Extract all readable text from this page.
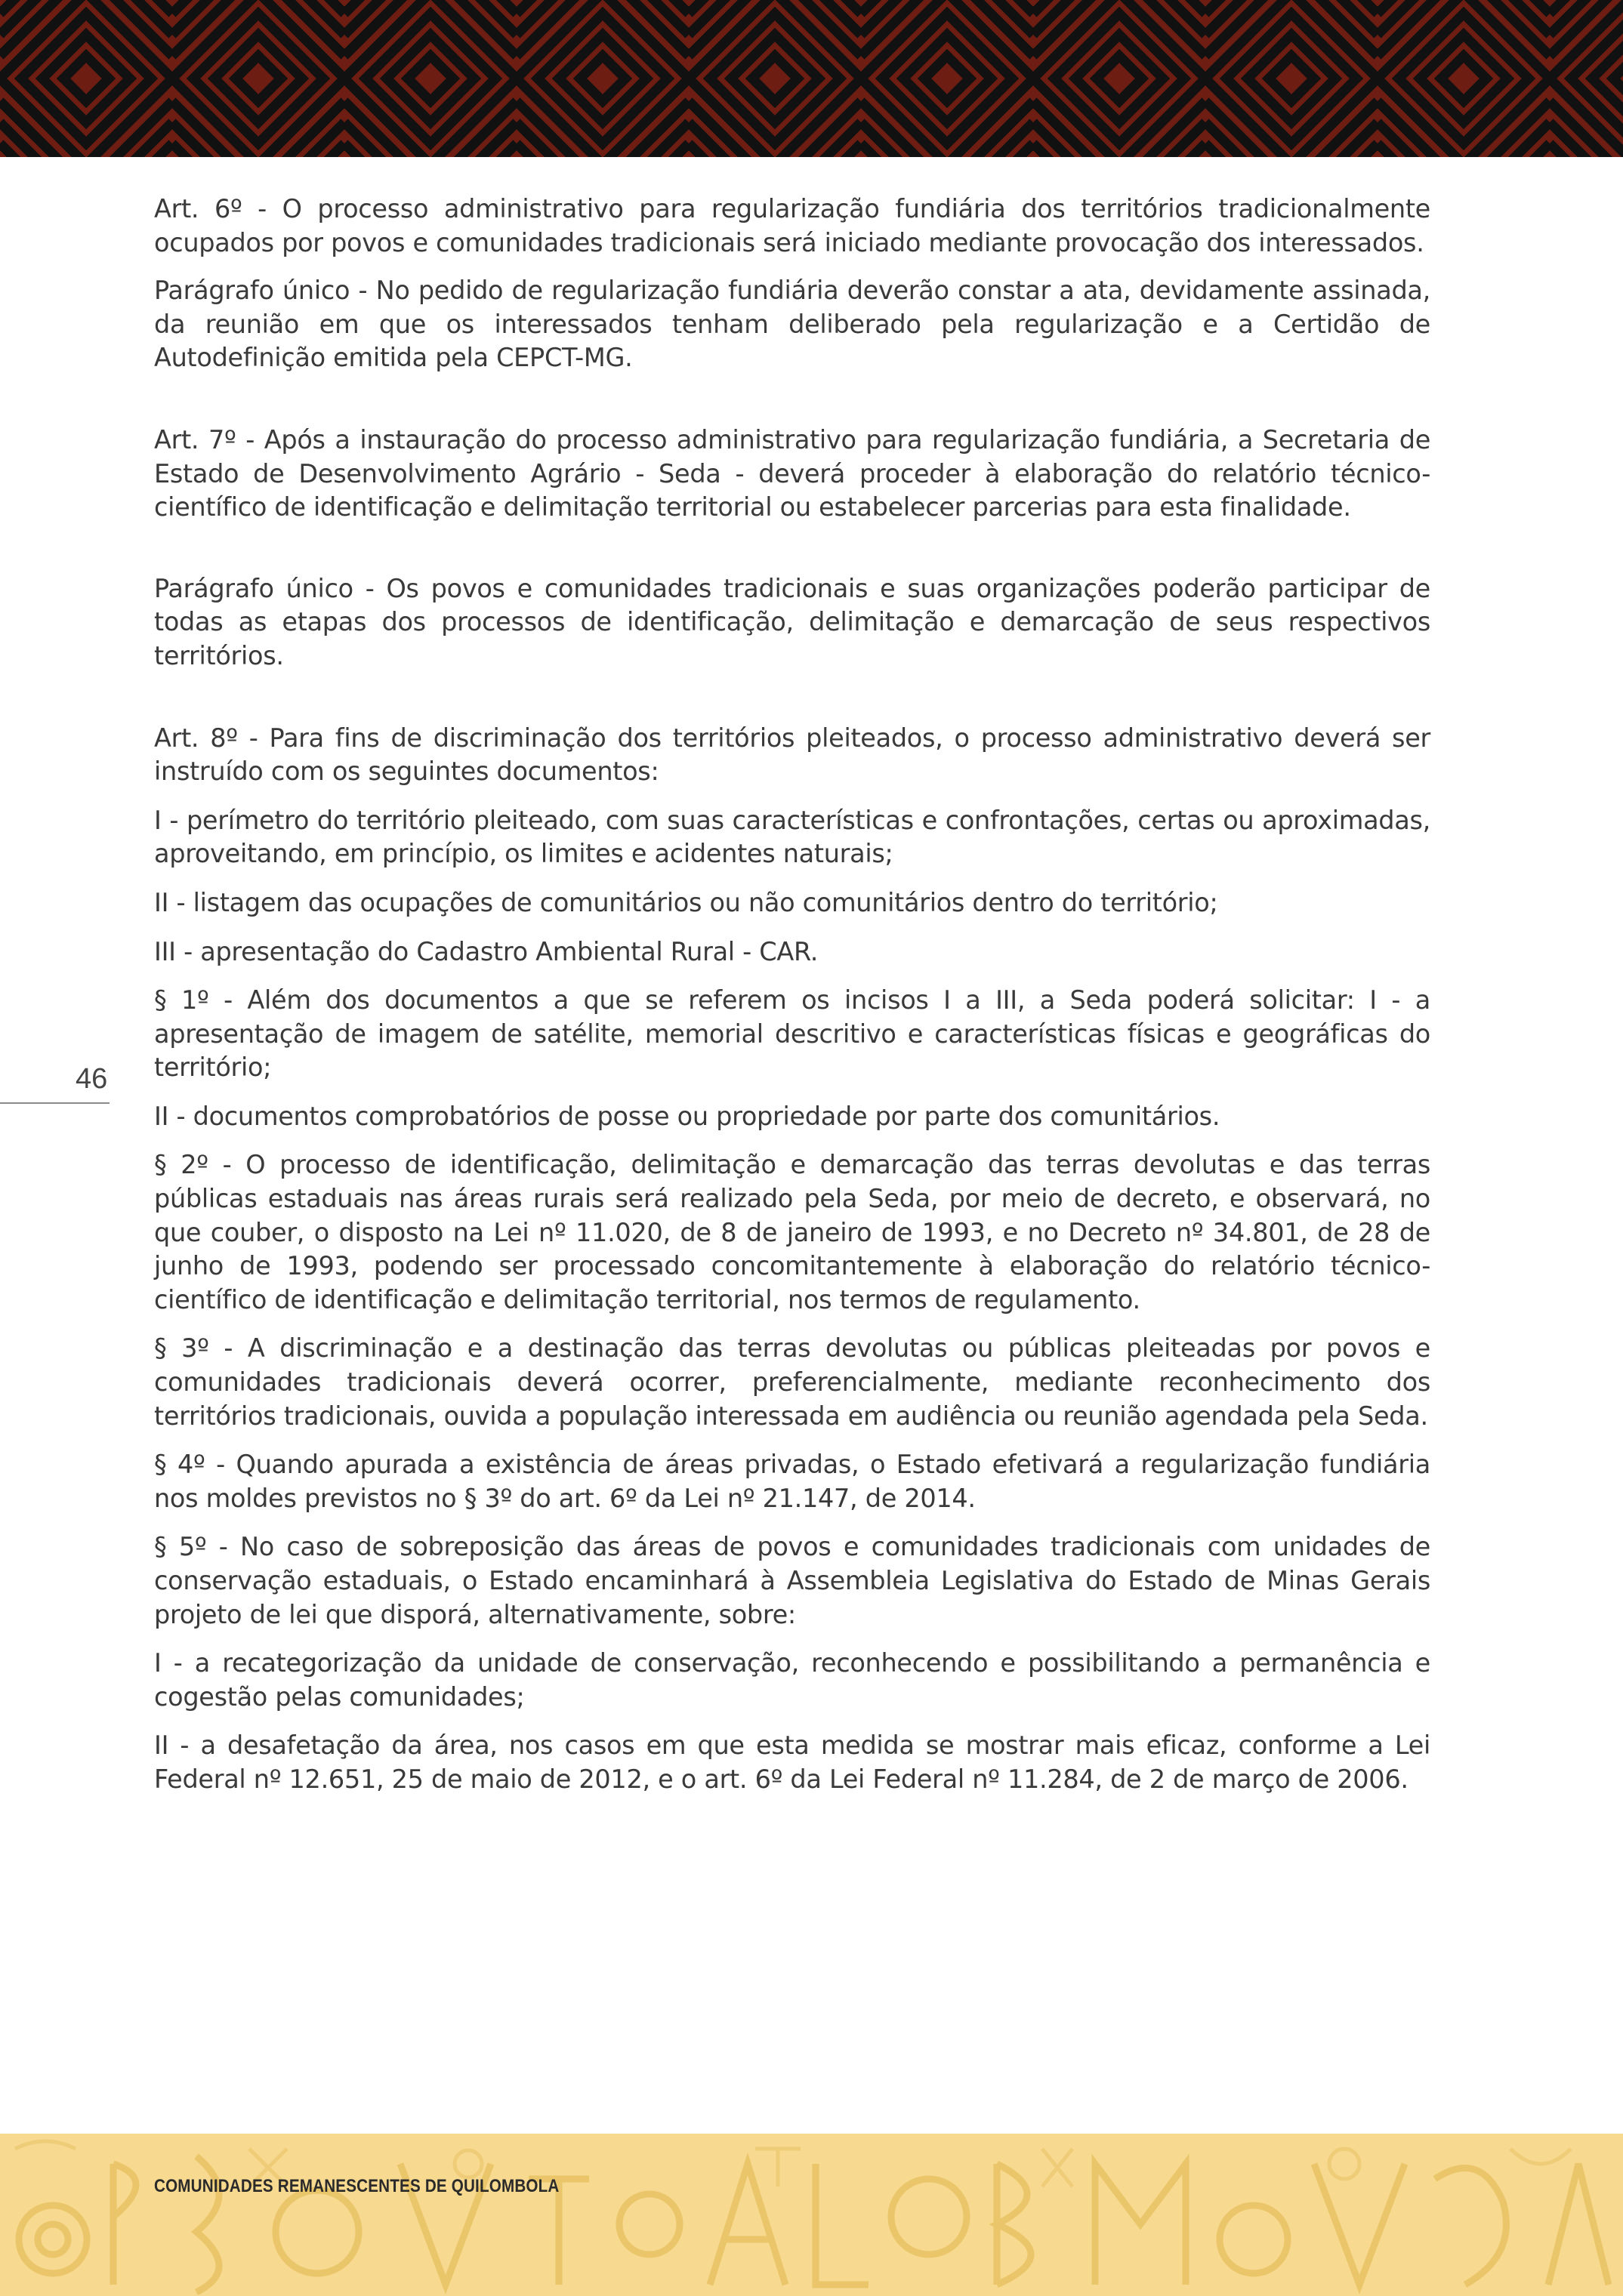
Art. 6º - O processo administrativo para regularização fundiária dos territórios tradicionalmente ocupados por povos e comunidades tradicionais será iniciado mediante provocação dos interessados.

Parágrafo único - No pedido de regularização fundiária deverão constar a ata, devidamente assinada, da reunião em que os interessados tenham deliberado pela regularização e a Certidão de Autodefinição emitida pela CEPCT-MG.

Art. 7º - Após a instauração do processo administrativo para regularização fundiária, a Secretaria de Estado de Desenvolvimento Agrário - Seda - deverá proceder à elaboração do relatório técnico-científico de identificação e delimitação territorial ou estabelecer parcerias para esta finalidade.

Parágrafo único - Os povos e comunidades tradicionais e suas organizações poderão participar de todas as etapas dos processos de identificação, delimitação e demarcação de seus respectivos territórios.

Art. 8º - Para fins de discriminação dos territórios pleiteados, o processo administrativo deverá ser instruído com os seguintes documentos:

I - perímetro do território pleiteado, com suas características e confrontações, certas ou aproximadas, aproveitando, em princípio, os limites e acidentes naturais;

II - listagem das ocupações de comunitários ou não comunitários dentro do território;

III - apresentação do Cadastro Ambiental Rural - CAR.

§ 1º - Além dos documentos a que se referem os incisos I a III, a Seda poderá solicitar: I - a apresentação de imagem de satélite, memorial descritivo e características físicas e geográficas do território;

II - documentos comprobatórios de posse ou propriedade por parte dos comunitários.

§ 2º - O processo de identificação, delimitação e demarcação das terras devolutas e das terras públicas estaduais nas áreas rurais será realizado pela Seda, por meio de decreto, e observará, no que couber, o disposto na Lei nº 11.020, de 8 de janeiro de 1993, e no Decreto nº 34.801, de 28 de junho de 1993, podendo ser processado concomitantemente à elaboração do relatório técnico-científico de identificação e delimitação territorial, nos termos de regulamento.

§ 3º - A discriminação e a destinação das terras devolutas ou públicas pleiteadas por povos e comunidades tradicionais deverá ocorrer, preferencialmente, mediante reconhecimento dos territórios tradicionais, ouvida a população interessada em audiência ou reunião agendada pela Seda.

§ 4º - Quando apurada a existência de áreas privadas, o Estado efetivará a regularização fundiária nos moldes previstos no § 3º do art. 6º da Lei nº 21.147, de 2014.

§ 5º - No caso de sobreposição das áreas de povos e comunidades tradicionais com unidades de conservação estaduais, o Estado encaminhará à Assembleia Legislativa do Estado de Minas Gerais projeto de lei que disporá, alternativamente, sobre:

I - a recategorização da unidade de conservação, reconhecendo e possibilitando a permanência e cogestão pelas comunidades;

II - a desafetação da área, nos casos em que esta medida se mostrar mais eficaz, conforme a Lei Federal nº 12.651, 25 de maio de 2012, e o art. 6º da Lei Federal nº 11.284, de 2 de março de 2006.

46
COMUNIDADES REMANESCENTES DE QUILOMBOLA
